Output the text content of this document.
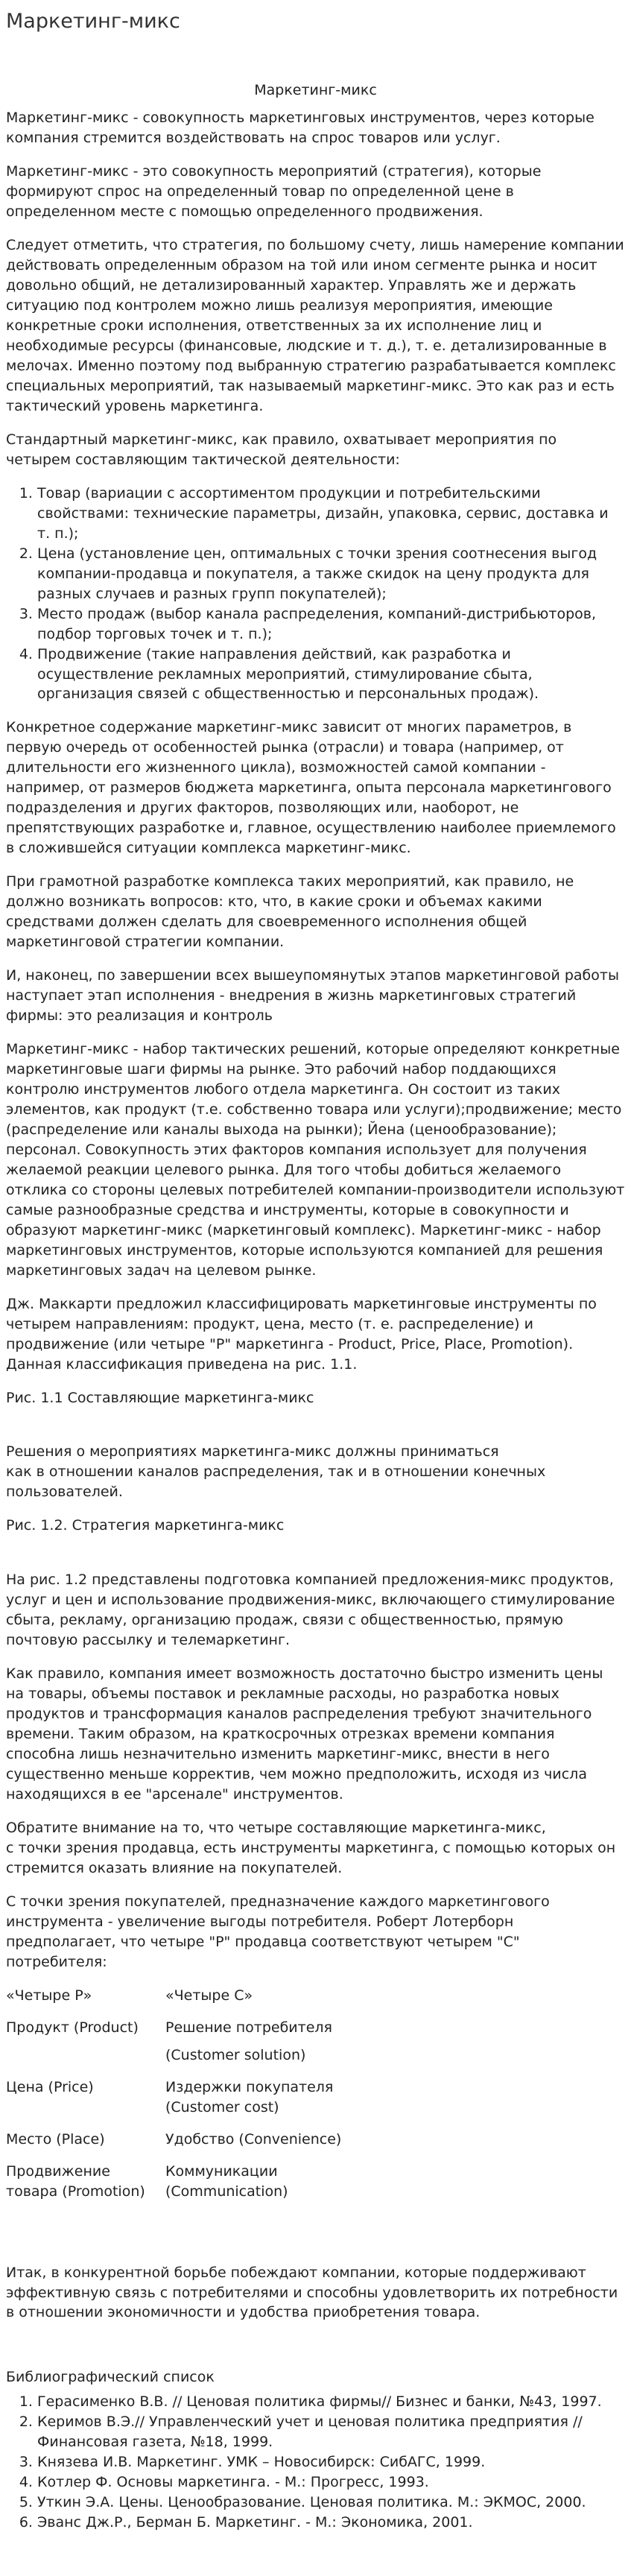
Маркетинг-микс
Маркетинг-микс

Маркетинг-микс - совокупность маркетинговых инструментов, через которые компания стремится воздействовать на спрос товаров или услуг.

Маркетинг-микс - это совокупность мероприятий (стратегия), которые формируют спрос на определенный товар по определенной цене в определенном месте с помощью определенного продвижения.

Следует отметить, что стратегия, по большому счету, лишь намерение компании действовать определенным образом на той или ином сегменте рынка и носит довольно общий, не детализированный характер. Управлять же и держать ситуацию под контролем можно лишь реализуя мероприятия, имеющие конкретные сроки исполнения, ответственных за их исполнение лиц и необходимые ресурсы (финансовые, людские и т. д.), т. е. детализированные в мелочах. Именно поэтому под выбранную стратегию разрабатывается комплекс специальных мероприятий, так называемый маркетинг-микс. Это как раз и есть тактический уровень маркетинга.

Стандартный маркетинг-микс, как правило, охватывает мероприятия по четырем составляющим тактической деятельности:

1. Товар (вариации с ассортиментом продукции и потребительскими свойствами: технические параметры, дизайн, упаковка, сервис, доставка и т. п.);
2. Цена (установление цен, оптимальных с точки зрения соотнесения выгод компании-продавца и покупателя, а также скидок на цену продукта для разных случаев и разных групп покупателей);
3. Место продаж (выбор канала распределения, компаний-дистрибьюторов, подбор торговых точек и т. п.);
4. Продвижение (такие направления действий, как разработка и осуществление рекламных мероприятий, стимулирование сбыта, организация связей с общественностью и персональных продаж).

Конкретное содержание маркетинг-микс зависит от многих параметров, в первую очередь от особенностей рынка (отрасли) и товара (например, от длительности его жизненного цикла), возможностей самой компании - например, от размеров бюджета маркетинга, опыта персонала маркетингового подразделения и других факторов, позволяющих или, наоборот, не препятствующих разработке и, главное, осуществлению наиболее приемлемого в сложившейся ситуации комплекса маркетинг-микс.

При грамотной разработке комплекса таких мероприятий, как правило, не должно возникать вопросов: кто, что, в какие сроки и объемах какими средствами должен сделать для своевременного исполнения общей маркетинговой стратегии компании.

И, наконец, по завершении всех вышеупомянутых этапов маркетинговой работы наступает этап исполнения - внедрения в жизнь маркетинговых стратегий фирмы: это реализация и контроль

Маркетинг-микс - набор тактических решений, которые определяют конкретные маркетинговые шаги фирмы на рынке. Это рабочий набор поддающихся контролю инструментов любого отдела маркетинга. Он состоит из таких элементов, как продукт (т.е. собственно товара или услуги);продвижение; место (распределение или каналы выхода на рынки); Йена (ценообразование); персонал. Совокупность этих факторов компания использует для получения желаемой реакции целевого рынка. Для того чтобы добиться желаемого отклика со стороны целевых потребителей компании-производители используют самые разнообразные средства и инструменты, которые в совокупности и образуют маркетинг-микс (маркетинговый комплекс). Маркетинг-микс - набор маркетинговых инструментов, которые используются компанией для решения маркетинговых задач на целевом рынке.

Дж. Маккарти предложил классифицировать маркетинговые инструменты по четырем направлениям: продукт, цена, место (т. е. распределение) и продвижение (или четыре "Р" маркетинга - Product, Price, Place, Promotion). Данная классификация приведена на рис. 1.1.

Рис. 1.1 Составляющие маркетинга-микс

Решения о мероприятиях маркетинга-микс должны приниматься
как в отношении каналов распределения, так и в отношении конечных пользователей.

Рис. 1.2. Стратегия маркетинга-микс

На рис. 1.2 представлены подготовка компанией предложения-микс продуктов, услуг и цен и использование продвижения-микс, включающего стимулирование сбыта, рекламу, организацию продаж, связи с общественностью, прямую почтовую рассылку и телемаркетинг.

Как правило, компания имеет возможность достаточно быстро изменить цены на товары, объемы поставок и рекламные расходы, но разработка новых продуктов и трансформация каналов распределения требуют значительного времени. Таким образом, на краткосрочных отрезках времени компания способна лишь незначительно изменить маркетинг-микс, внести в него существенно меньше корректив, чем можно предположить, исходя из числа находящихся в ее "арсенале" инструментов.

Обратите внимание на то, что четыре составляющие маркетинга-микс,
с точки зрения продавца, есть инструменты маркетинга, с помощью которых он стремится оказать влияние на покупателей.

С точки зрения покупателей, предназначение каждого маркетингового инструмента - увеличение выгоды потребителя. Роберт Лотерборн предполагает, что четыре "Р" продавца соответствуют четырем "С" потребителя:

«Четыре Р»	«Четыре С»
Продукт (Product)	Решение потребителя

(Customer solution)
Цена (Price)	Издержки покупателя
(Customer cost)
Место (Place)	Удобство (Convenience)
Продвижение
товара (Promotion)	Коммуникации
(Communication)

Итак, в конкурентной борьбе побеждают компании, которые поддерживают эффективную связь с потребителями и способны удовлетворить их потребности в отношении экономичности и удобства приобретения товара.

Библиографический список
1. Герасименко В.В. // Ценовая политика фирмы// Бизнес и банки, №43, 1997.
2. Керимов В.Э.// Управленческий учет и ценовая политика предприятия //Финансовая газета, №18, 1999.
3. Князева И.В. Маркетинг. УМК – Новосибирск: СибАГС, 1999.
4. Котлер Ф. Основы маркетинга. - М.: Прогресс, 1993.
5. Уткин Э.А. Цены. Ценообразование. Ценовая политика. М.: ЭКМОС, 2000.
6. Эванс Дж.Р., Берман Б. Маркетинг. - М.: Экономика, 2001.
